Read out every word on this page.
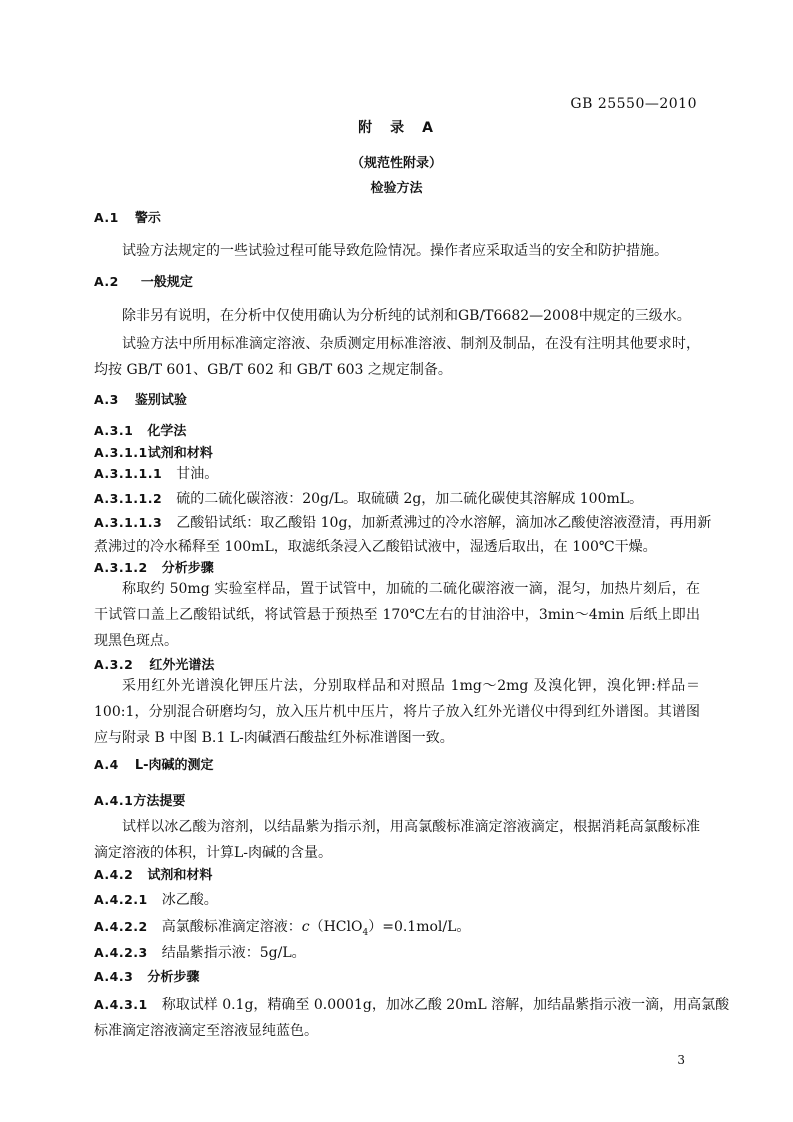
GB 25550—2010
附　录　A
（规范性附录）
检验方法
A.1 警示
试验方法规定的一些试验过程可能导致危险情况。操作者应采取适当的安全和防护措施。
A.2 一般规定
除非另有说明，在分析中仅使用确认为分析纯的试剂和GB/T6682—2008中规定的三级水。
试验方法中所用标准滴定溶液、杂质测定用标准溶液、制剂及制品，在没有注明其他要求时，均按 GB/T 601、GB/T 602 和 GB/T 603 之规定制备。
A.3 鉴别试验
A.3.1 化学法
A.3.1.1试剂和材料
A.3.1.1.1 甘油。
A.3.1.1.2 硫的二硫化碳溶液：20g/L。取硫磺 2g，加二硫化碳使其溶解成 100mL。
A.3.1.1.3 乙酸铅试纸：取乙酸铅 10g，加新煮沸过的冷水溶解，滴加冰乙酸使溶液澄清，再用新
煮沸过的冷水稀释至 100mL，取滤纸条浸入乙酸铅试液中，湿透后取出，在 100℃干燥。
A.3.1.2 分析步骤
称取约 50mg 实验室样品，置于试管中，加硫的二硫化碳溶液一滴，混匀，加热片刻后，在干试管口盖上乙酸铅试纸，将试管悬于预热至 170℃左右的甘油浴中，3min～4min 后纸上即出现黑色斑点。
A.3.2 红外光谱法
采用红外光谱溴化钾压片法，分别取样品和对照品 1mg～2mg 及溴化钾，溴化钾:样品＝100:1，分别混合研磨均匀，放入压片机中压片，将片子放入红外光谱仪中得到红外谱图。其谱图应与附录 B 中图 B.1 L-肉碱酒石酸盐红外标准谱图一致。
A.4 L-肉碱的测定
A.4.1方法提要
试样以冰乙酸为溶剂，以结晶紫为指示剂，用高氯酸标准滴定溶液滴定，根据消耗高氯酸标准滴定溶液的体积，计算L-肉碱的含量。
A.4.2 试剂和材料
A.4.2.1 冰乙酸。
A.4.2.2 高氯酸标准滴定溶液：c（HClO$_4$）=0.1mol/L。
A.4.2.3 结晶紫指示液：5g/L。
A.4.3 分析步骤
A.4.3.1 称取试样 0.1g，精确至 0.0001g，加冰乙酸 20mL 溶解，加结晶紫指示液一滴，用高氯酸
标准滴定溶液滴定至溶液显纯蓝色。
3
